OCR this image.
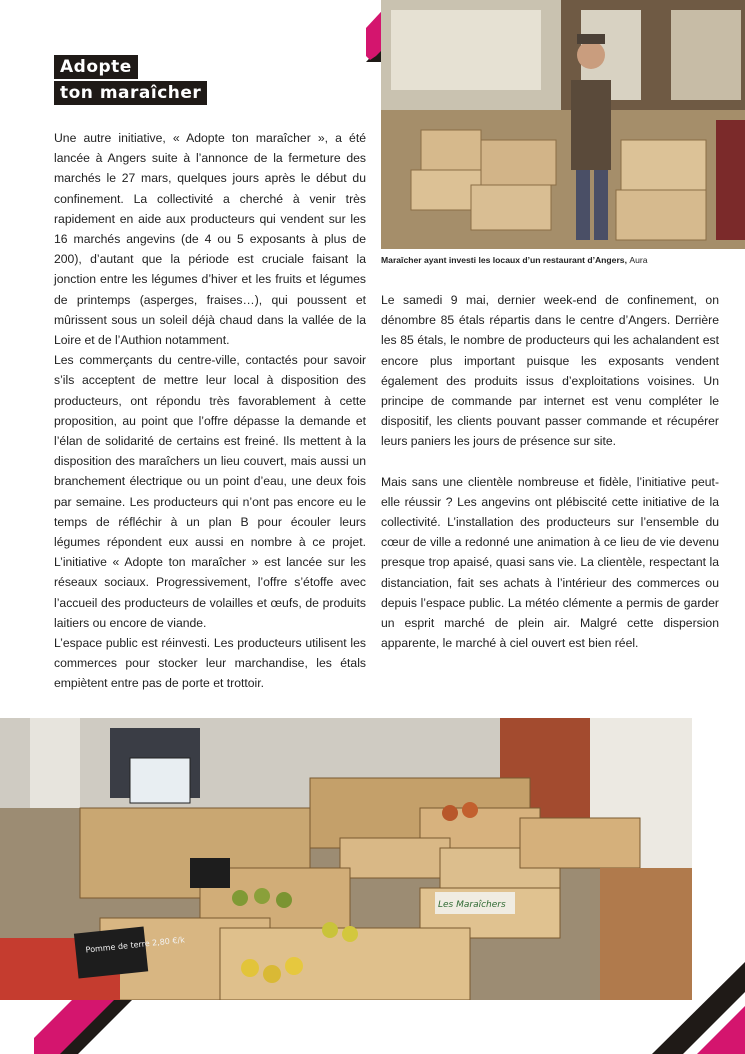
Adopte
ton maraîcher

Une autre initiative, « Adopte ton maraîcher », a été lancée à Angers suite à l’annonce de la fermeture des marchés le 27 mars, quelques jours après le début du confinement. La collectivité a cherché à venir très rapidement en aide aux producteurs qui vendent sur les 16 marchés angevins (de 4 ou 5 exposants à plus de 200), d’autant que la période est cruciale faisant la jonction entre les légumes d’hiver et les fruits et légumes de printemps (asperges, fraises…), qui poussent et mûrissent sous un soleil déjà chaud dans la vallée de la Loire et de l’Authion notamment.

Les commerçants du centre-ville, contactés pour savoir s’ils acceptent de mettre leur local à disposition des producteurs, ont répondu très favorablement à cette proposition, au point que l’offre dépasse la demande et l’élan de solidarité de certains est freiné. Ils mettent à la disposition des maraîchers un lieu couvert, mais aussi un branchement électrique ou un point d’eau, une deux fois par semaine. Les producteurs qui n’ont pas encore eu le temps de réfléchir à un plan B pour écouler leurs légumes répondent eux aussi en nombre à ce projet. L’initiative « Adopte ton maraîcher » est lancée sur les réseaux sociaux. Progressivement, l’offre s’étoffe avec l’accueil des producteurs de volailles et œufs, de produits laitiers ou encore de viande.

L’espace public est réinvesti. Les producteurs utilisent les commerces pour stocker leur marchandise, les étals empiètent entre pas de porte et trottoir.

Maraîcher ayant investi les locaux d’un restaurant d’Angers, Aura

Le samedi 9 mai, dernier week-end de confinement, on dénombre 85 étals répartis dans le centre d’Angers. Derrière les 85 étals, le nombre de producteurs qui les achalandent est encore plus important puisque les exposants vendent également des produits issus d’exploitations voisines. Un principe de commande par internet est venu compléter le dispositif, les clients pouvant passer commande et récupérer leurs paniers les jours de présence sur site.

Mais sans une clientèle nombreuse et fidèle, l’initiative peut-elle réussir ? Les angevins ont plébiscité cette initiative de la collectivité. L’installation des producteurs sur l’ensemble du cœur de ville a redonné une animation à ce lieu de vie devenu presque trop apaisé, quasi sans vie. La clientèle, respectant la distanciation, fait ses achats à l’intérieur des commerces ou depuis l’espace public. La météo clémente a permis de garder un esprit marché de plein air. Malgré cette dispersion apparente, le marché à ciel ouvert est bien réel.

Pomme de terre 2,80 €/k
Les Maraîchers
